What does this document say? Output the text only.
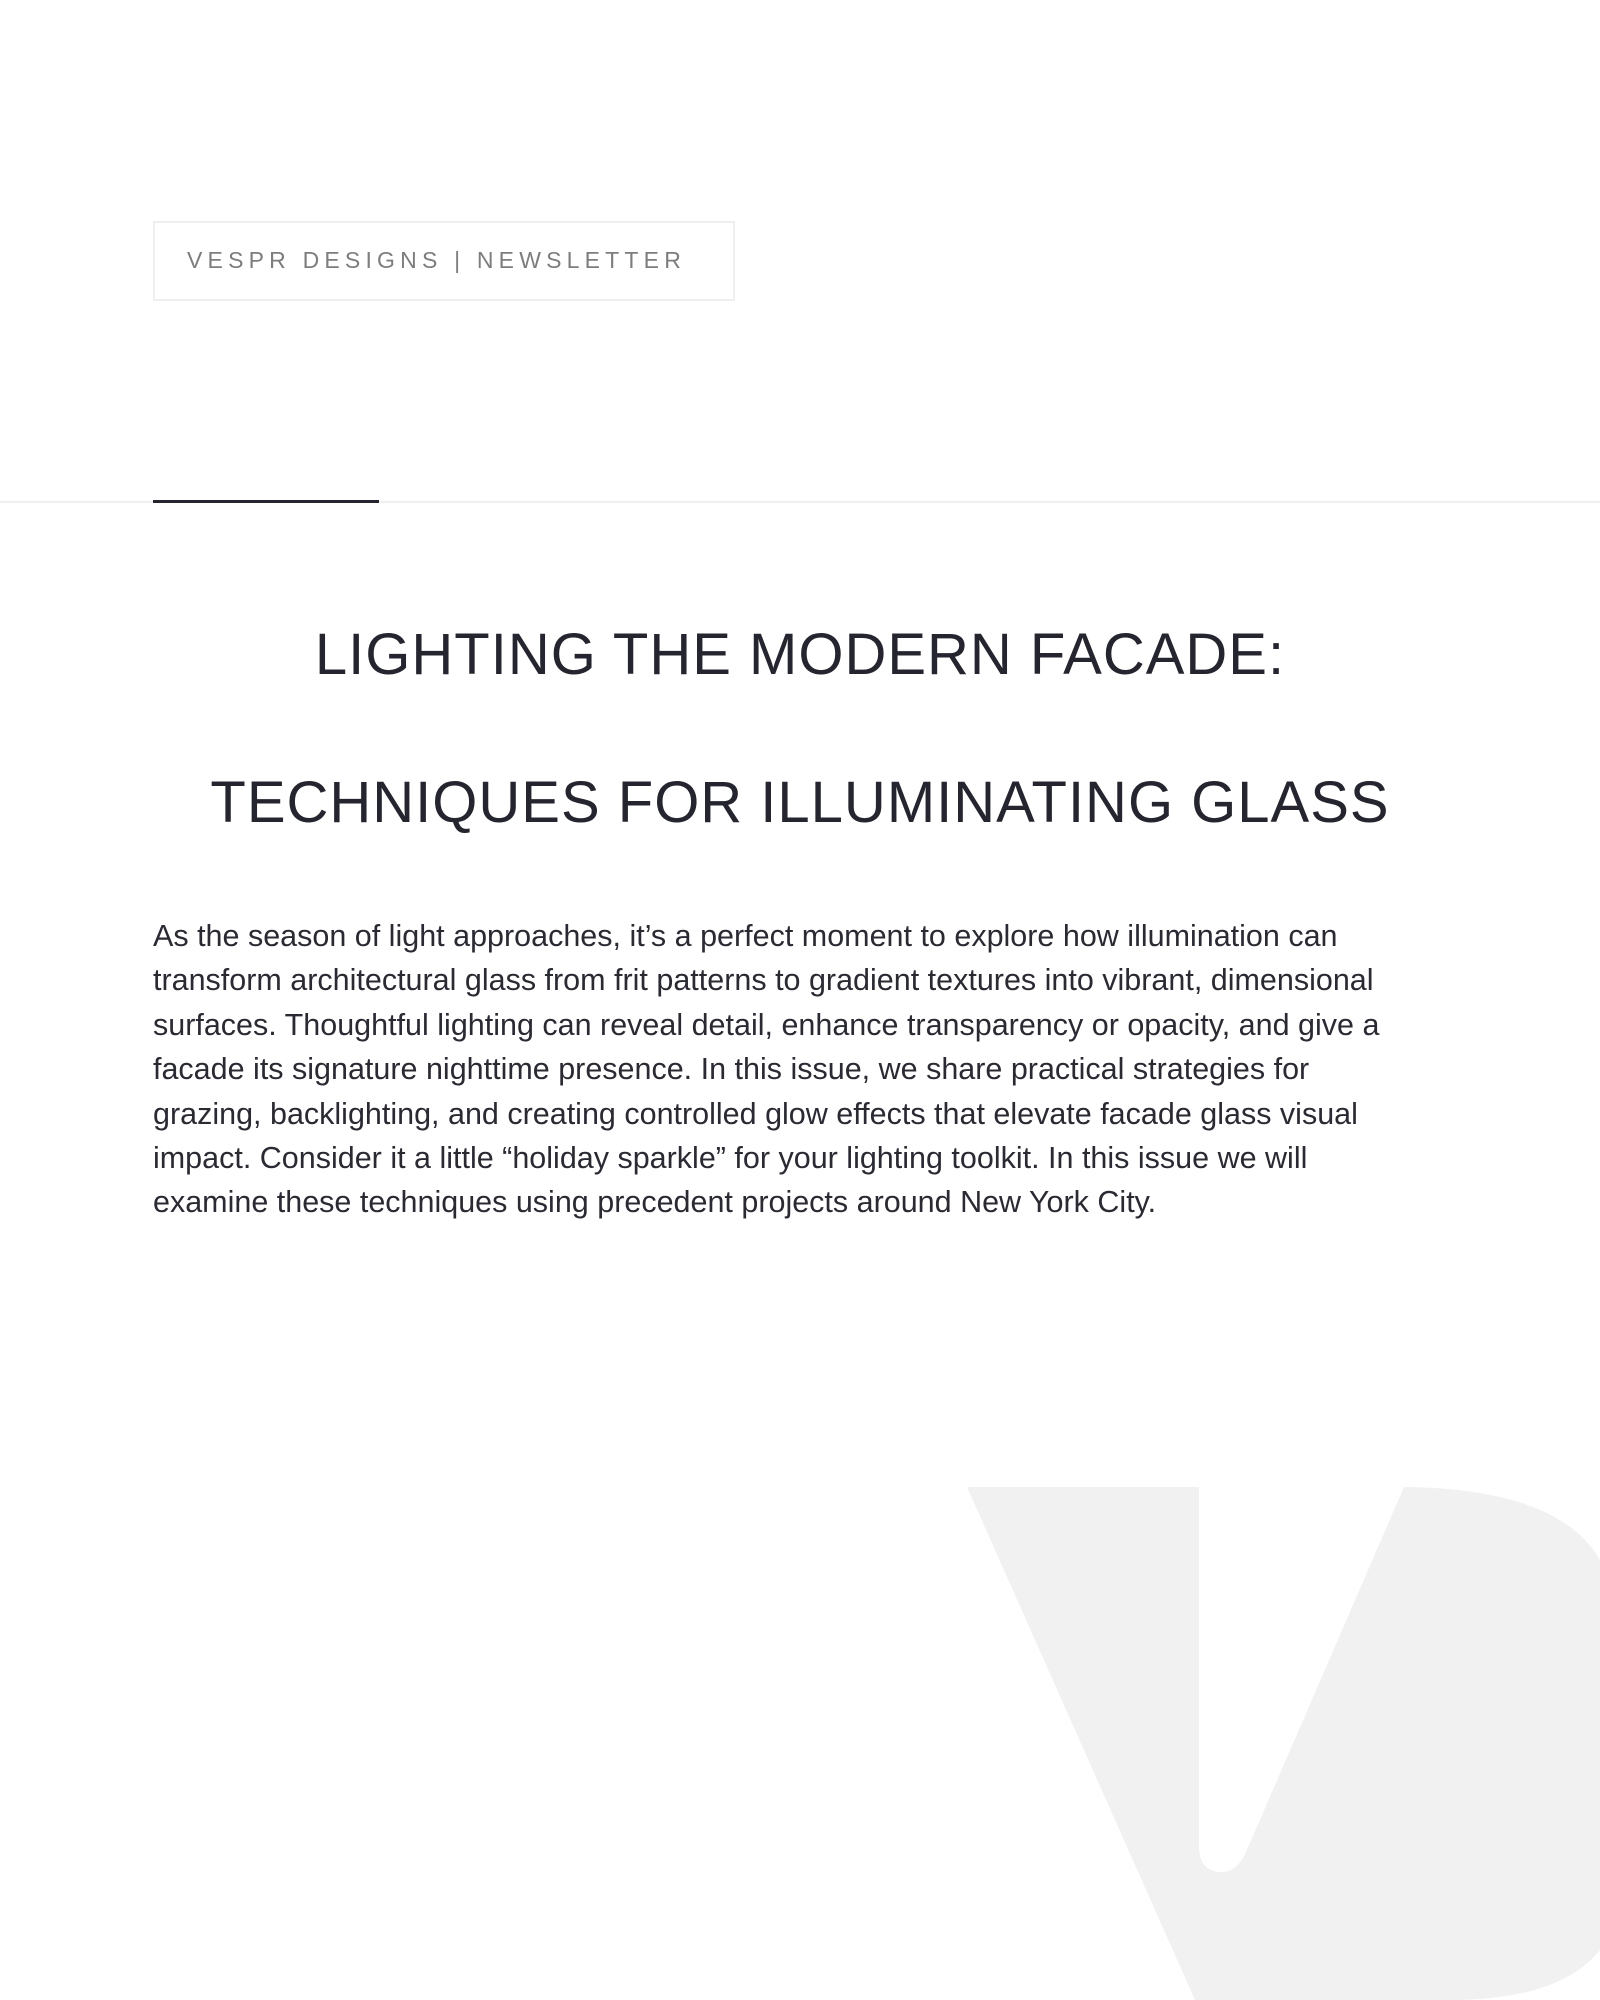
VESPR DESIGNS | NEWSLETTER
LIGHTING THE MODERN FACADE:
TECHNIQUES FOR ILLUMINATING GLASS

As the season of light approaches, it’s a perfect moment to explore how illumination can transform architectural glass from frit patterns to gradient textures into vibrant, dimensional surfaces. Thoughtful lighting can reveal detail, enhance transparency or opacity, and give a facade its signature nighttime presence. In this issue, we share practical strategies for grazing, backlighting, and creating controlled glow effects that elevate facade glass visual impact. Consider it a little “holiday sparkle” for your lighting toolkit. In this issue we will examine these techniques using precedent projects around New York City.
